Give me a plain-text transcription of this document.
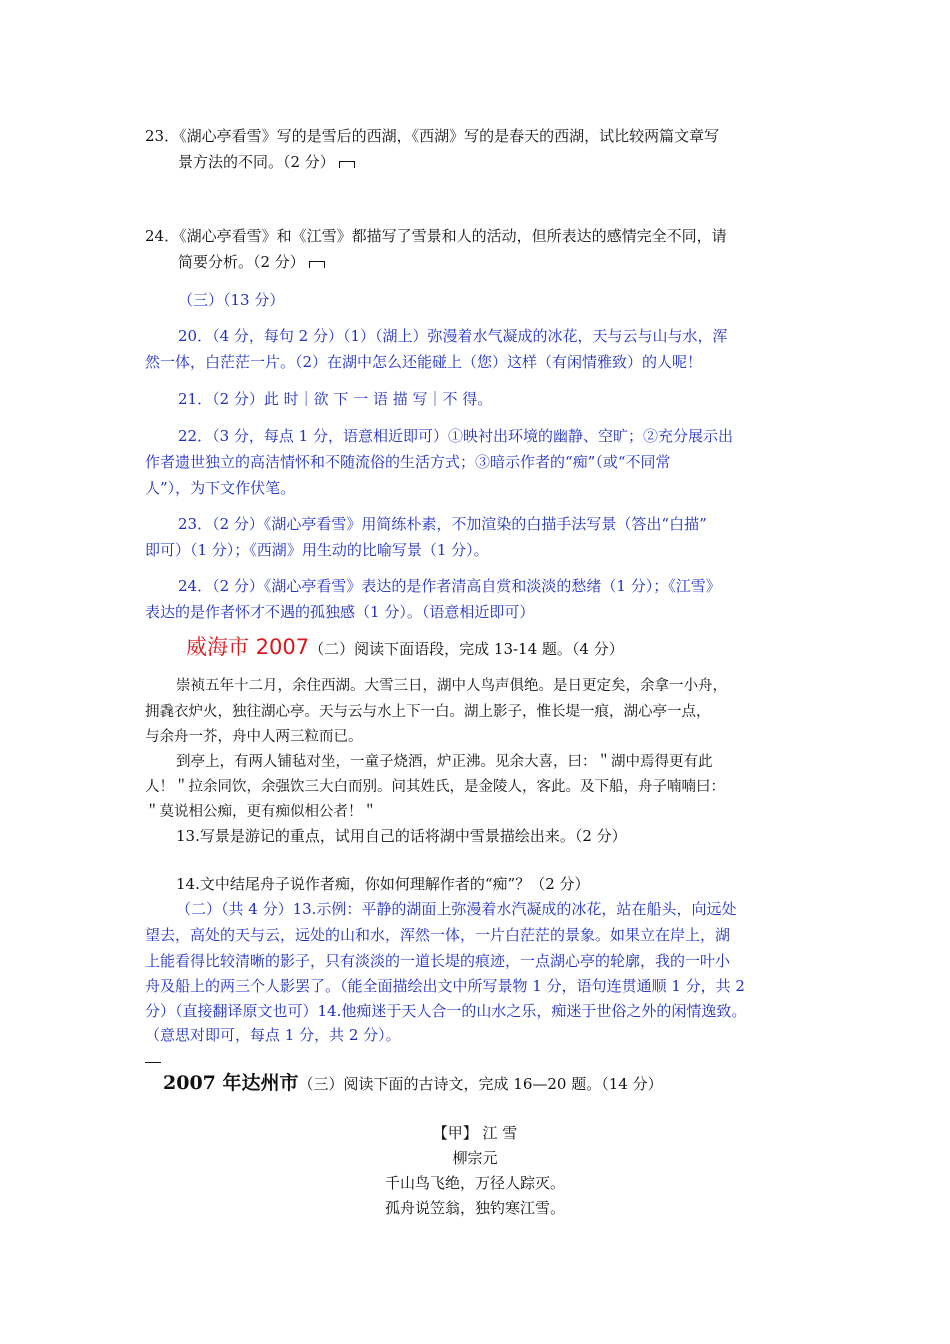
23．《湖心亭看雪》写的是雪后的西湖，《西湖》写的是春天的西湖，试比较两篇文章写
景方法的不同。（2 分）
24．《湖心亭看雪》和《江雪》都描写了雪景和人的活动，但所表达的感情完全不同，请
简要分析。（2 分）
（三）（13 分）
20．（4 分，每句 2 分）（1）（湖上）弥漫着水气凝成的冰花，天与云与山与水，浑
然一体，白茫茫一片。（2）在湖中怎么还能碰上（您）这样（有闲情雅致）的人呢！
21．（2 分）此 时｜欲 下 一 语 描 写｜不 得。
22．（3 分，每点 1 分，语意相近即可）①映衬出环境的幽静、空旷；②充分展示出
作者遗世独立的高洁情怀和不随流俗的生活方式；③暗示作者的“痴”（或“不同常
人”），为下文作伏笔。
23．（2 分）《湖心亭看雪》用简练朴素，不加渲染的白描手法写景（答出“白描”
即可）（1 分）；《西湖》用生动的比喻写景（1 分）。
24．（2 分）《湖心亭看雪》表达的是作者清高自赏和淡淡的愁绪（1 分）；《江雪》
表达的是作者怀才不遇的孤独感（1 分）。（语意相近即可）
威海市 2007（二）阅读下面语段，完成 13-14 题。（4 分）
崇祯五年十二月，余住西湖。大雪三日，湖中人鸟声俱绝。是日更定矣，余拿一小舟，
拥毳衣炉火，独往湖心亭。天与云与水上下一白。湖上影子，惟长堤一痕，湖心亭一点，
与余舟一芥，舟中人两三粒而已。
到亭上，有两人铺毡对坐，一童子烧酒，炉正沸。见余大喜，曰：＂湖中焉得更有此
人！＂拉余同饮，余强饮三大白而别。问其姓氏，是金陵人，客此。及下船，舟子喃喃曰：
＂莫说相公痴，更有痴似相公者！＂
13.写景是游记的重点，试用自己的话将湖中雪景描绘出来。（2 分）
14.文中结尾舟子说作者痴，你如何理解作者的“痴”？（2 分）
（二）（共 4 分）13.示例：平静的湖面上弥漫着水汽凝成的冰花，站在船头，向远处
望去，高处的天与云，远处的山和水，浑然一体，一片白茫茫的景象。如果立在岸上，湖
上能看得比较清晰的影子，只有淡淡的一道长堤的痕迹，一点湖心亭的轮廓，我的一叶小
舟及船上的两三个人影罢了。（能全面描绘出文中所写景物 1 分，语句连贯通顺 1 分，共 2
分）（直接翻译原文也可）14.他痴迷于天人合一的山水之乐，痴迷于世俗之外的闲情逸致。
（意思对即可，每点 1 分，共 2 分）。
2007 年达州市（三）阅读下面的古诗文，完成 16—20 题。（14 分）
【甲】 江 雪
柳宗元
千山鸟飞绝，万径人踪灭。
孤舟说笠翁，独钓寒江雪。
